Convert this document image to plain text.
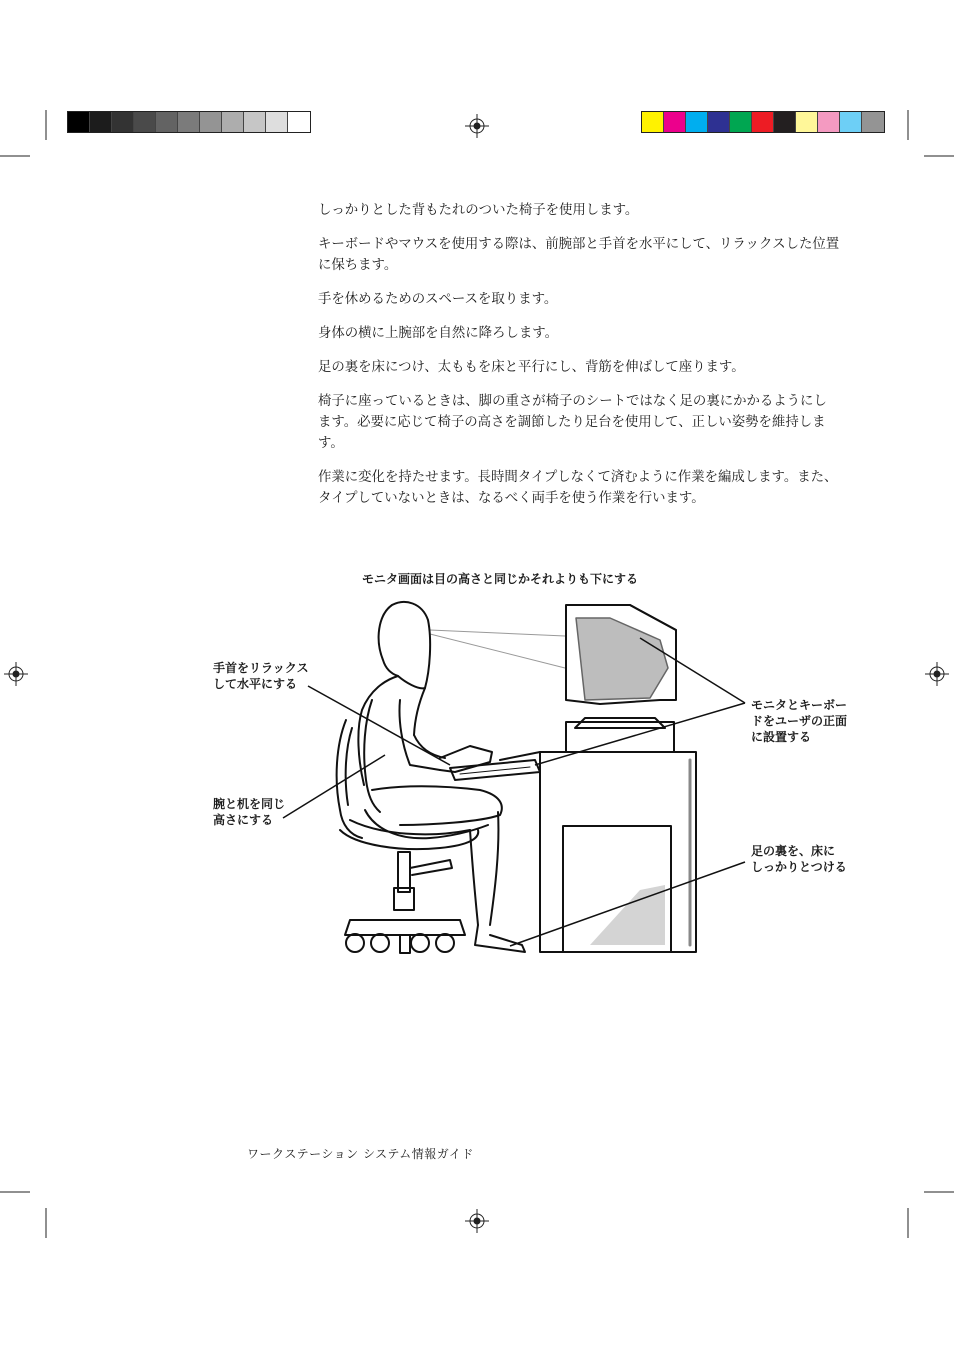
しっかりとした背もたれのついた椅子を使用します。

キーボードやマウスを使用する際は、前腕部と手首を水平にして、リラックスした位置に保ちます。

手を休めるためのスペースを取ります。

身体の横に上腕部を自然に降ろします。

足の裏を床につけ、太ももを床と平行にし、背筋を伸ばして座ります。

椅子に座っているときは、脚の重さが椅子のシートではなく足の裏にかかるようにします。必要に応じて椅子の高さを調節したり足台を使用して、正しい姿勢を維持します。

作業に変化を持たせます。長時間タイプしなくて済むように作業を編成します。また、タイプしていないときは、なるべく両手を使う作業を行います。

モニタ画面は目の高さと同じかそれよりも下にする
手首をリラックス
して水平にする
腕と机を同じ
高さにする
モニタとキーボー
ドをユーザの正面
に設置する
足の裏を、床に
しっかりとつける
ワークステーション システム情報ガイド
